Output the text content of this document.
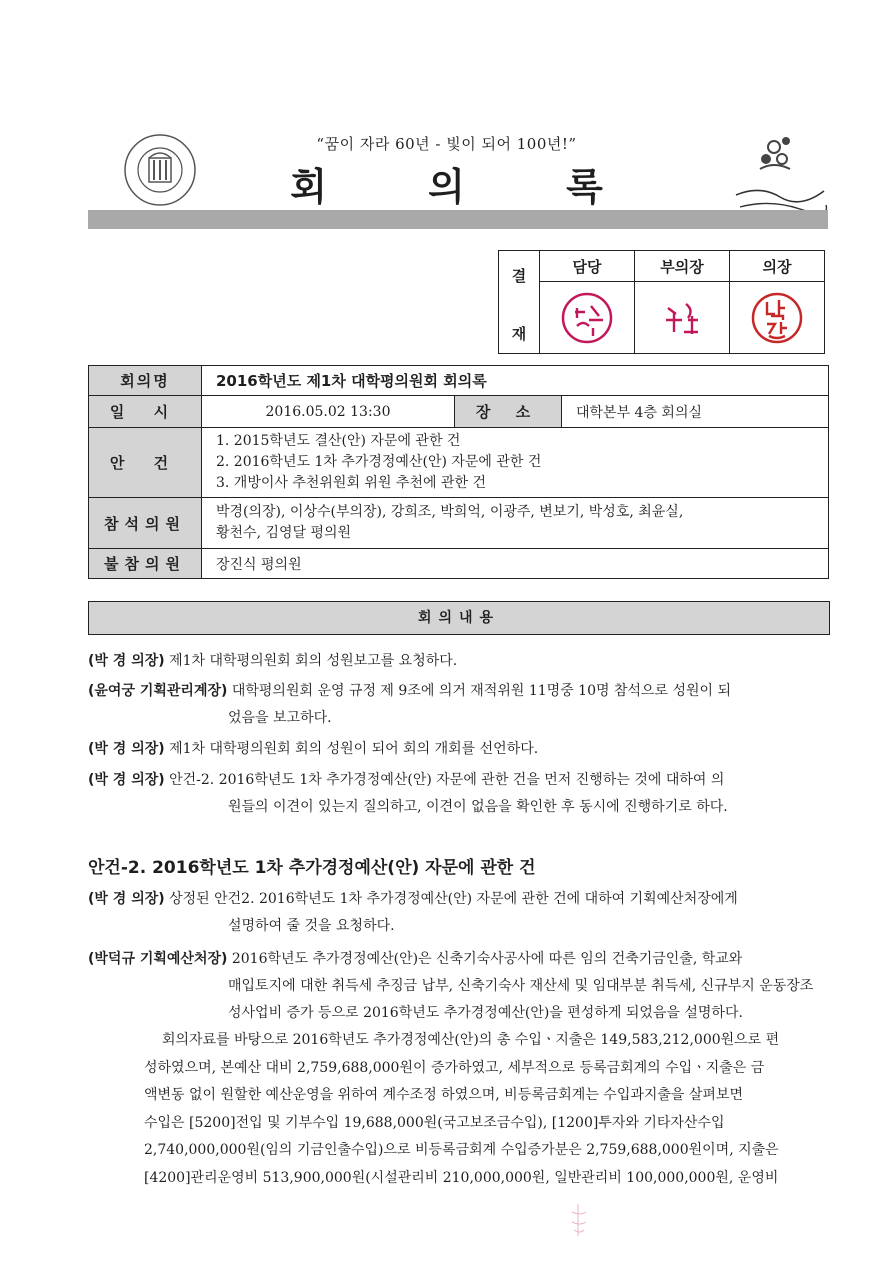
“꿈이 자라 60년 - 빛이 되어 100년!”
회 의 록
결
재	담당	부의장	의장

회의명	2016학년도 제1차 대학평의원회 회의록		
일 시	2016.05.02 13:30	장 소	대학본부 4층 회의실
안 건	1. 2015학년도 결산(안) 자문에 관한 건
2. 2016학년도 1차 추가경정예산(안) 자문에 관한 건
3. 개방이사 추천위원회 위원 추천에 관한 건		

참석의원	박경(의장), 이상수(부의장), 강희조, 박희억, 이광주, 변보기, 박성호, 최윤실,
황천수, 김영달 평의원		

불참의원	장진식 평의원		
회의내용
(박 경 의장) 제1차 대학평의원회 회의 성원보고를 요청하다.
(윤여궁 기획관리계장) 대학평의원회 운영 규정 제 9조에 의거 재적위원 11명중 10명 참석으로 성원이 되
었음을 보고하다.
(박 경 의장) 제1차 대학평의원회 회의 성원이 되어 회의 개회를 선언하다.
(박 경 의장) 안건-2. 2016학년도 1차 추가경정예산(안) 자문에 관한 건을 먼저 진행하는 것에 대하여 의
원들의 이견이 있는지 질의하고, 이견이 없음을 확인한 후 동시에 진행하기로 하다.
안건-2. 2016학년도 1차 추가경정예산(안) 자문에 관한 건
(박 경 의장) 상정된 안건2. 2016학년도 1차 추가경정예산(안) 자문에 관한 건에 대하여 기획예산처장에게
설명하여 줄 것을 요청하다.
(박덕규 기획예산처장) 2016학년도 추가경정예산(안)은 신축기숙사공사에 따른 임의 건축기금인출, 학교와
매입토지에 대한 취득세 추징금 납부, 신축기숙사 재산세 및 임대부분 취득세, 신규부지 운동장조
성사업비 증가 등으로 2016학년도 추가경정예산(안)을 편성하게 되었음을 설명하다.
회의자료를 바탕으로 2016학년도 추가경정예산(안)의 총 수입ㆍ지출은 149,583,212,000원으로 편
성하였으며, 본예산 대비 2,759,688,000원이 증가하였고, 세부적으로 등록금회계의 수입ㆍ지출은 금
액변동 없이 원할한 예산운영을 위하여 계수조정 하였으며, 비등록금회계는 수입과지출을 살펴보면
수입은 [5200]전입 및 기부수입 19,688,000원(국고보조금수입), [1200]투자와 기타자산수입
2,740,000,000원(임의 기금인출수입)으로 비등록금회계 수입증가분은 2,759,688,000원이며, 지출은
[4200]관리운영비 513,900,000원(시설관리비 210,000,000원, 일반관리비 100,000,000원, 운영비
